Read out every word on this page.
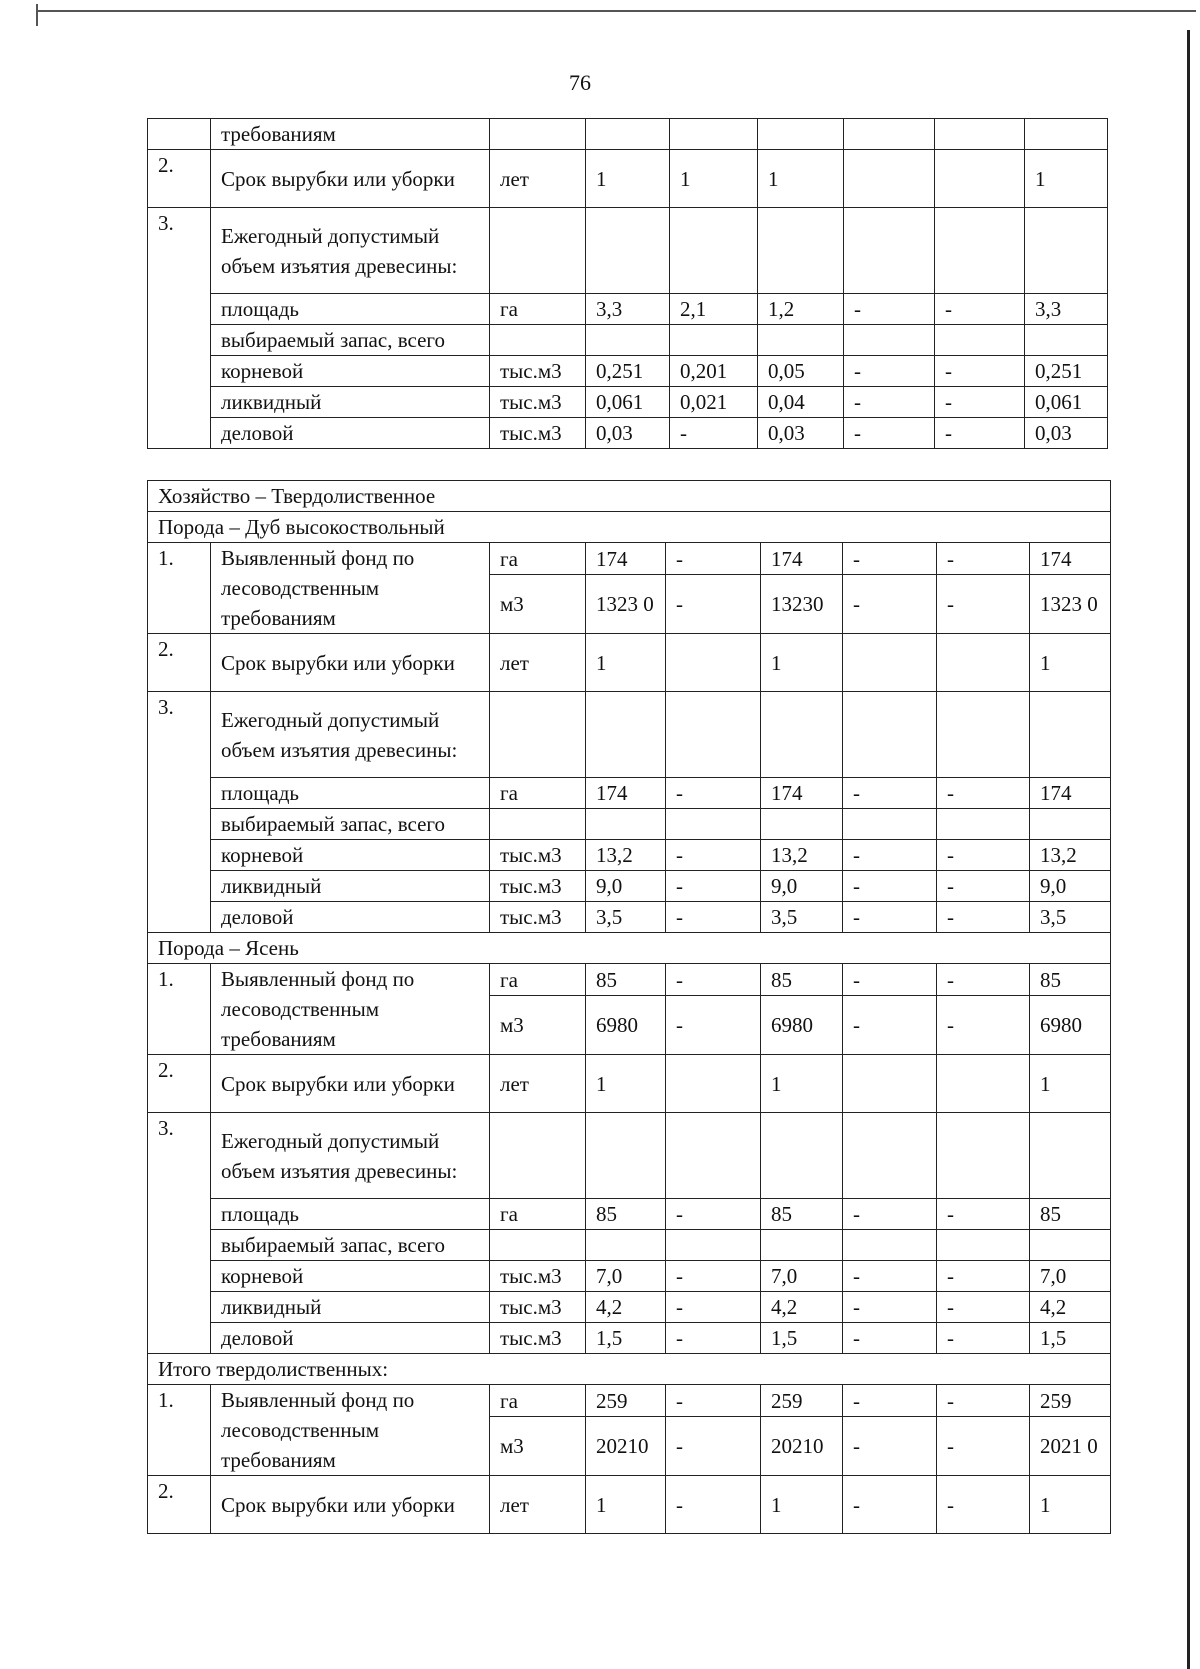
76
	требованиям							
2.	Срок вырубки или уборки	лет	1	1	1			1
3.	Ежегодный допустимый объем изъятия древесины:							
	площадь	га	3,3	2,1	1,2	-	-	3,3
	выбираемый запас, всего							
	корневой	тыс.м3	0,251	0,201	0,05	-	-	0,251
	ликвидный	тыс.м3	0,061	0,021	0,04	-	-	0,061
	деловой	тыс.м3	0,03	-	0,03	-	-	0,03
Хозяйство – Твердолиственное								
Порода – Дуб высокоствольный								
1.	Выявленный фонд по лесоводственным требованиям	га	174	-	174	-	-	174
		м3	1323 0	-	13230	-	-	1323 0
2.	Срок вырубки или уборки	лет	1		1			1
3.	Ежегодный допустимый объем изъятия древесины:							
	площадь	га	174	-	174	-	-	174
	выбираемый запас, всего							
	корневой	тыс.м3	13,2	-	13,2	-	-	13,2
	ликвидный	тыс.м3	9,0	-	9,0	-	-	9,0
	деловой	тыс.м3	3,5	-	3,5	-	-	3,5
Порода – Ясень								
1.	Выявленный фонд по лесоводственным требованиям	га	85	-	85	-	-	85
		м3	6980	-	6980	-	-	6980
2.	Срок вырубки или уборки	лет	1		1			1
3.	Ежегодный допустимый объем изъятия древесины:							
	площадь	га	85	-	85	-	-	85
	выбираемый запас, всего							
	корневой	тыс.м3	7,0	-	7,0	-	-	7,0
	ликвидный	тыс.м3	4,2	-	4,2	-	-	4,2
	деловой	тыс.м3	1,5	-	1,5	-	-	1,5
Итого твердолиственных:								
1.	Выявленный фонд по лесоводственным требованиям	га	259	-	259	-	-	259
		м3	20210	-	20210	-	-	2021 0
2.	Срок вырубки или уборки	лет	1	-	1	-	-	1
